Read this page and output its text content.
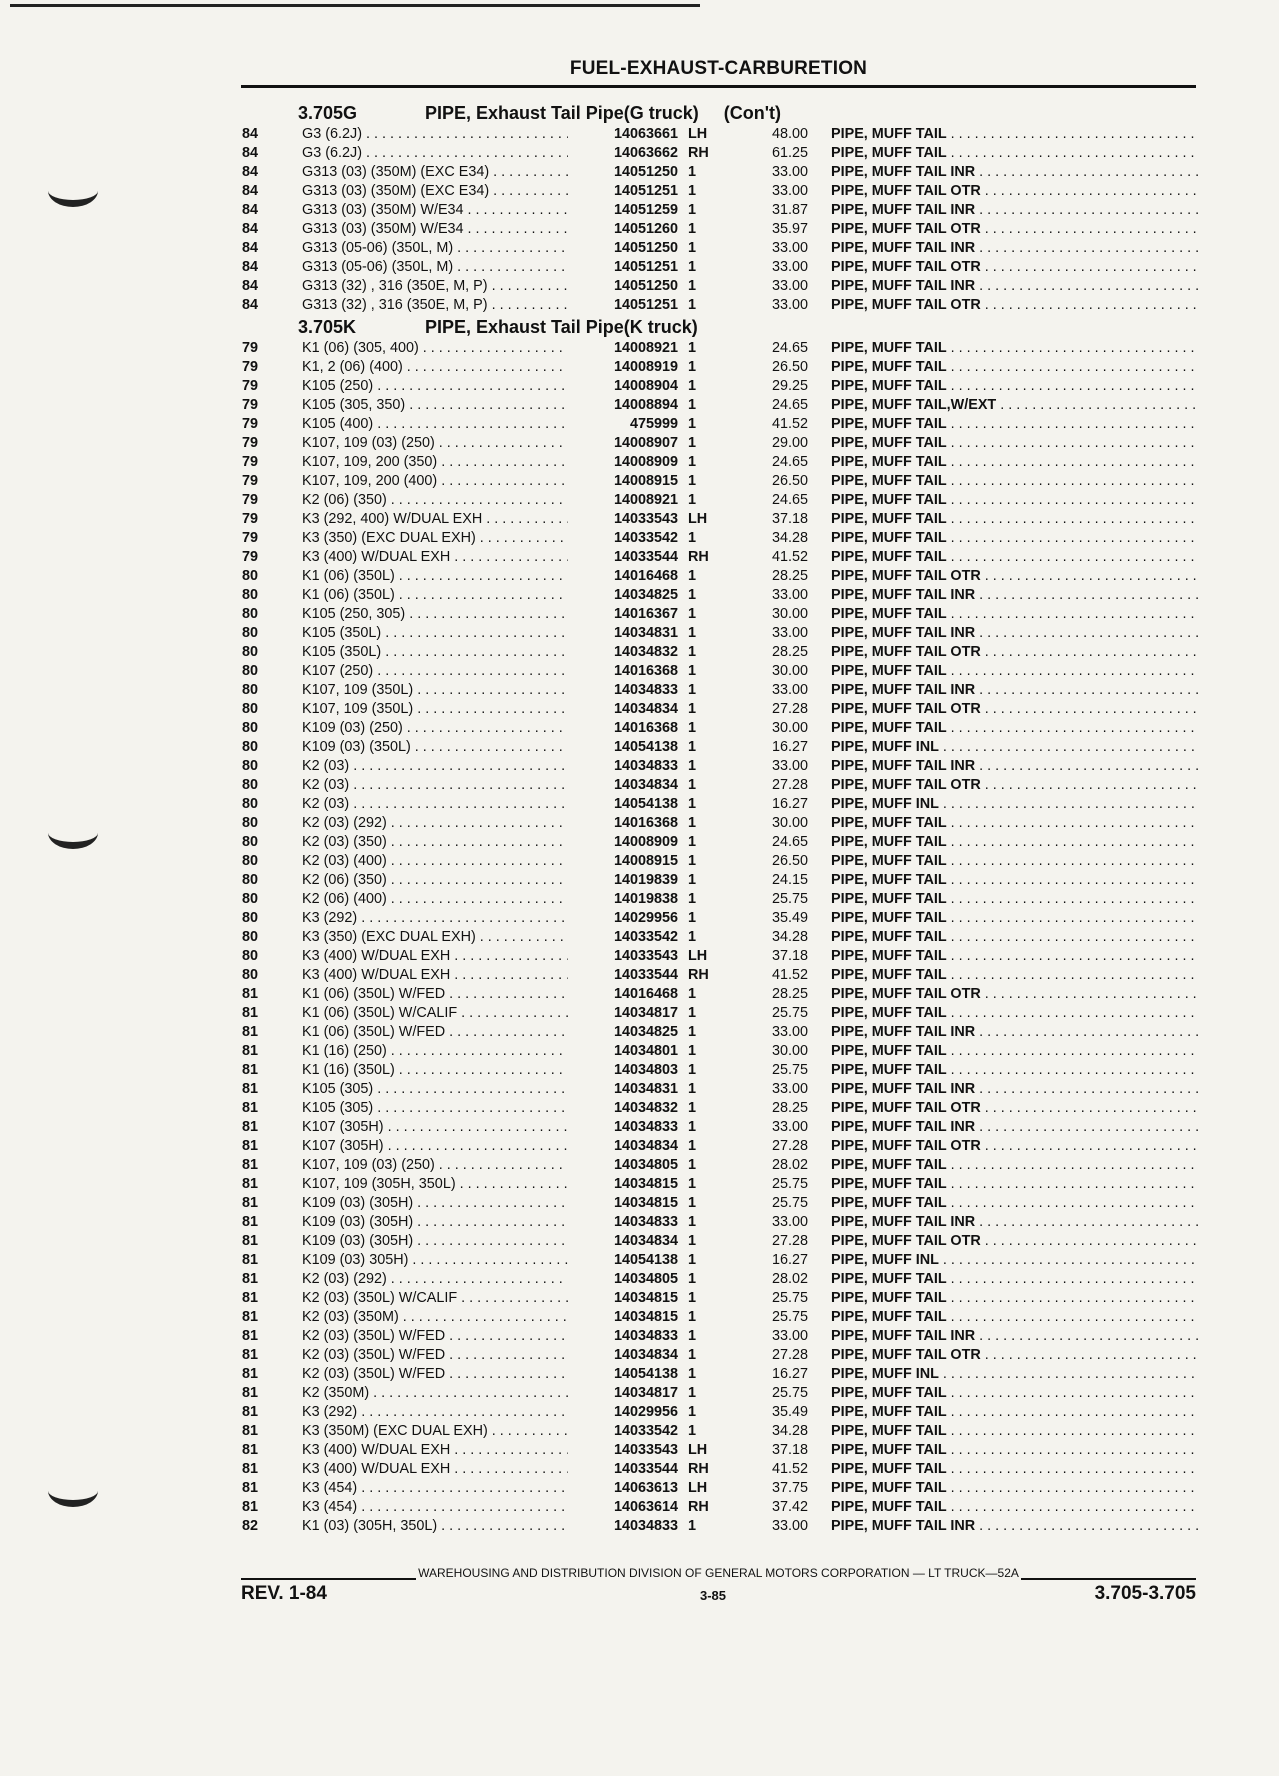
FUEL-EXHAUST-CARBURETION
3.705G	PIPE, Exhaust Tail Pipe(G truck)     (Con't)
84	G3 (6.2J) . . .	14063661 LH	48.00 PIPE, MUFF TAIL . . .
84	G3 (6.2J) . . .	14063662 RH	61.25 PIPE, MUFF TAIL . . .
84	G313 (03) (350M) (EXC E34) . . .	14051250 1	33.00 PIPE, MUFF TAIL INR . . .
84	G313 (03) (350M) (EXC E34) . . .	14051251 1	33.00 PIPE, MUFF TAIL OTR . . .
84	G313 (03) (350M) W/E34 . . .	14051259 1	31.87 PIPE, MUFF TAIL INR . . .
84	G313 (03) (350M) W/E34 . . .	14051260 1	35.97 PIPE, MUFF TAIL OTR . . .
84	G313 (05-06) (350L, M) . . .	14051250 1	33.00 PIPE, MUFF TAIL INR . . .
84	G313 (05-06) (350L, M) . . .	14051251 1	33.00 PIPE, MUFF TAIL OTR . . .
84	G313 (32) , 316 (350E, M, P) . . .	14051250 1	33.00 PIPE, MUFF TAIL INR . . .
84	G313 (32) , 316 (350E, M, P) . . .	14051251 1	33.00 PIPE, MUFF TAIL OTR . . .
3.705K	PIPE, Exhaust Tail Pipe(K truck)
79	K1 (06) (305, 400) . . .	14008921 1	24.65 PIPE, MUFF TAIL . . .
79	K1, 2 (06) (400) . . .	14008919 1	26.50 PIPE, MUFF TAIL . . .
79	K105 (250) . . .	14008904 1	29.25 PIPE, MUFF TAIL . . .
79	K105 (305, 350) . . .	14008894 1	24.65 PIPE, MUFF TAIL,W/EXT . . .
79	K105 (400) . . .	475999 1	41.52 PIPE, MUFF TAIL . . .
79	K107, 109 (03) (250) . . .	14008907 1	29.00 PIPE, MUFF TAIL . . .
79	K107, 109, 200 (350) . . .	14008909 1	24.65 PIPE, MUFF TAIL . . .
79	K107, 109, 200 (400) . . .	14008915 1	26.50 PIPE, MUFF TAIL . . .
79	K2 (06) (350) . . .	14008921 1	24.65 PIPE, MUFF TAIL . . .
79	K3 (292, 400) W/DUAL EXH . . .	14033543 LH	37.18 PIPE, MUFF TAIL . . .
79	K3 (350) (EXC DUAL EXH) . . .	14033542 1	34.28 PIPE, MUFF TAIL . . .
79	K3 (400) W/DUAL EXH . . .	14033544 RH	41.52 PIPE, MUFF TAIL . . .
80	K1 (06) (350L) . . .	14016468 1	28.25 PIPE, MUFF TAIL OTR . . .
80	K1 (06) (350L) . . .	14034825 1	33.00 PIPE, MUFF TAIL INR . . .
80	K105 (250, 305) . . .	14016367 1	30.00 PIPE, MUFF TAIL . . .
80	K105 (350L) . . .	14034831 1	33.00 PIPE, MUFF TAIL INR . . .
80	K105 (350L) . . .	14034832 1	28.25 PIPE, MUFF TAIL OTR . . .
80	K107 (250) . . .	14016368 1	30.00 PIPE, MUFF TAIL . . .
80	K107, 109 (350L) . . .	14034833 1	33.00 PIPE, MUFF TAIL INR . . .
80	K107, 109 (350L) . . .	14034834 1	27.28 PIPE, MUFF TAIL OTR . . .
80	K109 (03) (250) . . .	14016368 1	30.00 PIPE, MUFF TAIL . . .
80	K109 (03) (350L) . . .	14054138 1	16.27 PIPE, MUFF INL . . .
80	K2 (03) . . .	14034833 1	33.00 PIPE, MUFF TAIL INR . . .
80	K2 (03) . . .	14034834 1	27.28 PIPE, MUFF TAIL OTR . . .
80	K2 (03) . . .	14054138 1	16.27 PIPE, MUFF INL . . .
80	K2 (03) (292) . . .	14016368 1	30.00 PIPE, MUFF TAIL . . .
80	K2 (03) (350) . . .	14008909 1	24.65 PIPE, MUFF TAIL . . .
80	K2 (03) (400) . . .	14008915 1	26.50 PIPE, MUFF TAIL . . .
80	K2 (06) (350) . . .	14019839 1	24.15 PIPE, MUFF TAIL . . .
80	K2 (06) (400) . . .	14019838 1	25.75 PIPE, MUFF TAIL . . .
80	K3 (292) . . .	14029956 1	35.49 PIPE, MUFF TAIL . . .
80	K3 (350) (EXC DUAL EXH) . . .	14033542 1	34.28 PIPE, MUFF TAIL . . .
80	K3 (400) W/DUAL EXH . . .	14033543 LH	37.18 PIPE, MUFF TAIL . . .
80	K3 (400) W/DUAL EXH . . .	14033544 RH	41.52 PIPE, MUFF TAIL . . .
81	K1 (06) (350L) W/FED . . .	14016468 1	28.25 PIPE, MUFF TAIL OTR . . .
81	K1 (06) (350L) W/CALIF . . .	14034817 1	25.75 PIPE, MUFF TAIL . . .
81	K1 (06) (350L) W/FED . . .	14034825 1	33.00 PIPE, MUFF TAIL INR . . .
81	K1 (16) (250) . . .	14034801 1	30.00 PIPE, MUFF TAIL . . .
81	K1 (16) (350L) . . .	14034803 1	25.75 PIPE, MUFF TAIL . . .
81	K105 (305) . . .	14034831 1	33.00 PIPE, MUFF TAIL INR . . .
81	K105 (305) . . .	14034832 1	28.25 PIPE, MUFF TAIL OTR . . .
81	K107 (305H) . . .	14034833 1	33.00 PIPE, MUFF TAIL INR . . .
81	K107 (305H) . . .	14034834 1	27.28 PIPE, MUFF TAIL OTR . . .
81	K107, 109 (03) (250) . . .	14034805 1	28.02 PIPE, MUFF TAIL . . .
81	K107, 109 (305H, 350L) . . .	14034815 1	25.75 PIPE, MUFF TAIL . . .
81	K109 (03) (305H) . . .	14034815 1	25.75 PIPE, MUFF TAIL . . .
81	K109 (03) (305H) . . .	14034833 1	33.00 PIPE, MUFF TAIL INR . . .
81	K109 (03) (305H) . . .	14034834 1	27.28 PIPE, MUFF TAIL OTR . . .
81	K109 (03) 305H) . . .	14054138 1	16.27 PIPE, MUFF INL . . .
81	K2 (03) (292) . . .	14034805 1	28.02 PIPE, MUFF TAIL . . .
81	K2 (03) (350L) W/CALIF . . .	14034815 1	25.75 PIPE, MUFF TAIL . . .
81	K2 (03) (350M) . . .	14034815 1	25.75 PIPE, MUFF TAIL . . .
81	K2 (03) (350L) W/FED . . .	14034833 1	33.00 PIPE, MUFF TAIL INR . . .
81	K2 (03) (350L) W/FED . . .	14034834 1	27.28 PIPE, MUFF TAIL OTR . . .
81	K2 (03) (350L) W/FED . . .	14054138 1	16.27 PIPE, MUFF INL . . .
81	K2 (350M) . . .	14034817 1	25.75 PIPE, MUFF TAIL . . .
81	K3 (292) . . .	14029956 1	35.49 PIPE, MUFF TAIL . . .
81	K3 (350M) (EXC DUAL EXH) . . .	14033542 1	34.28 PIPE, MUFF TAIL . . .
81	K3 (400) W/DUAL EXH . . .	14033543 LH	37.18 PIPE, MUFF TAIL . . .
81	K3 (400) W/DUAL EXH . . .	14033544 RH	41.52 PIPE, MUFF TAIL . . .
81	K3 (454) . . .	14063613 LH	37.75 PIPE, MUFF TAIL . . .
81	K3 (454) . . .	14063614 RH	37.42 PIPE, MUFF TAIL . . .
82	K1 (03) (305H, 350L) . . .	14034833 1	33.00 PIPE, MUFF TAIL INR . . .
WAREHOUSING AND DISTRIBUTION DIVISION OF GENERAL MOTORS CORPORATION — LT TRUCK—52A
REV. 1-84	3-85	3.705-3.705
